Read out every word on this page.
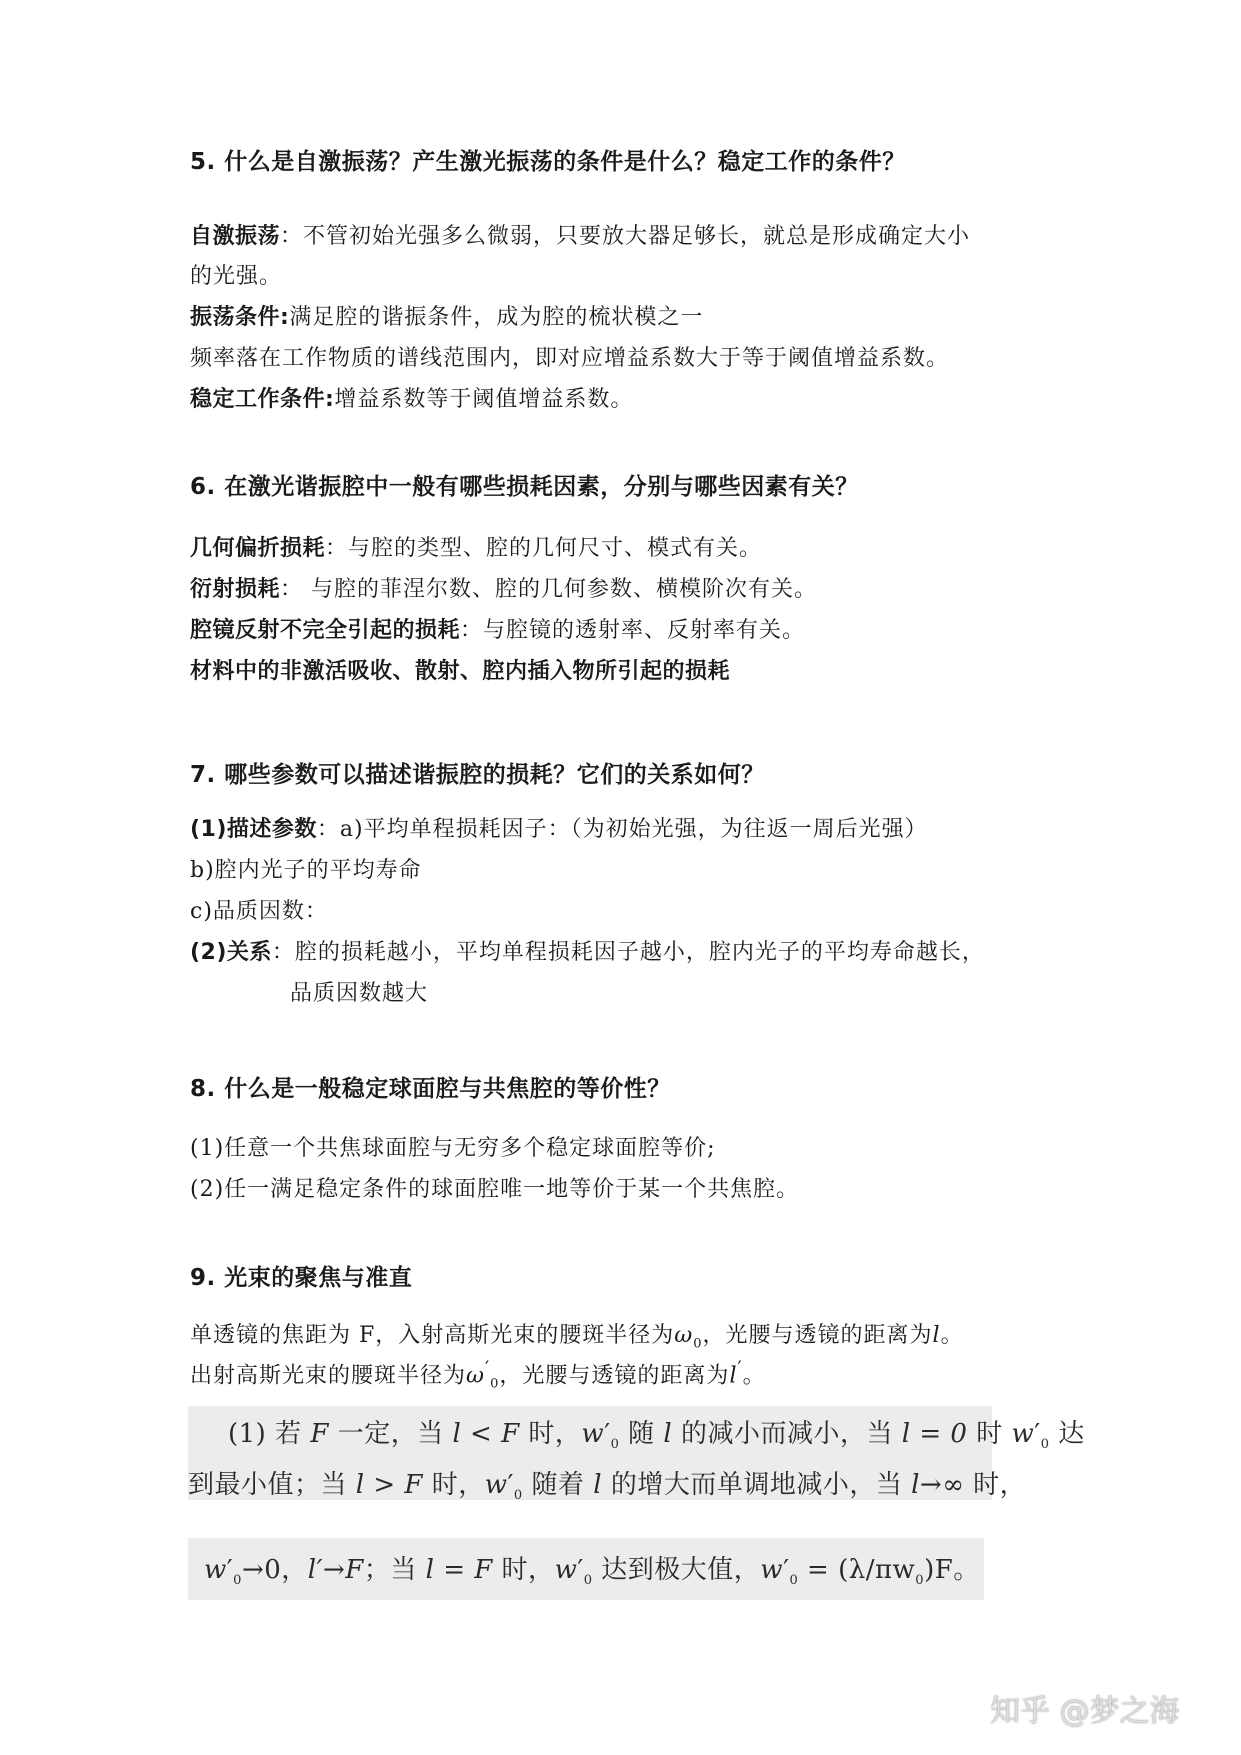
5. 什么是自激振荡？产生激光振荡的条件是什么？稳定工作的条件？
自激振荡：不管初始光强多么微弱，只要放大器足够长，就总是形成确定大小
的光强。
振荡条件:满足腔的谐振条件，成为腔的梳状模之一
频率落在工作物质的谱线范围内，即对应增益系数大于等于阈值增益系数。
稳定工作条件:增益系数等于阈值增益系数。
6. 在激光谐振腔中一般有哪些损耗因素，分别与哪些因素有关？
几何偏折损耗：与腔的类型、腔的几何尺寸、模式有关。
衍射损耗： 与腔的菲涅尔数、腔的几何参数、横模阶次有关。
腔镜反射不完全引起的损耗：与腔镜的透射率、反射率有关。
材料中的非激活吸收、散射、腔内插入物所引起的损耗
7. 哪些参数可以描述谐振腔的损耗？它们的关系如何？
(1)描述参数：a)平均单程损耗因子：（为初始光强，为往返一周后光强）
b)腔内光子的平均寿命
c)品质因数：
(2)关系：腔的损耗越小，平均单程损耗因子越小，腔内光子的平均寿命越长，
品质因数越大
8. 什么是一般稳定球面腔与共焦腔的等价性？
(1)任意一个共焦球面腔与无穷多个稳定球面腔等价;
(2)任一满足稳定条件的球面腔唯一地等价于某一个共焦腔。
9. 光束的聚焦与准直
单透镜的焦距为 F，入射高斯光束的腰斑半径为$\omega_0$，光腰与透镜的距离为l。
出射高斯光束的腰斑半径为$\omega'_0$，光腰与透镜的距离为l′。
(1) 若 F 一定，当 l < F 时，$w'_0$ 随 l 的减小而减小，当 l = 0 时 $w'_0$ 达
到最小值；当 l > F 时，$w'_0$ 随着 l 的增大而单调地减小，当 l→∞ 时，
$w'_0\to 0$，l′→F；当 l = F 时，$w'_0$ 达到极大值，$w'_0 = (\lambda/\pi w_0)F$。
知乎 @梦之海
